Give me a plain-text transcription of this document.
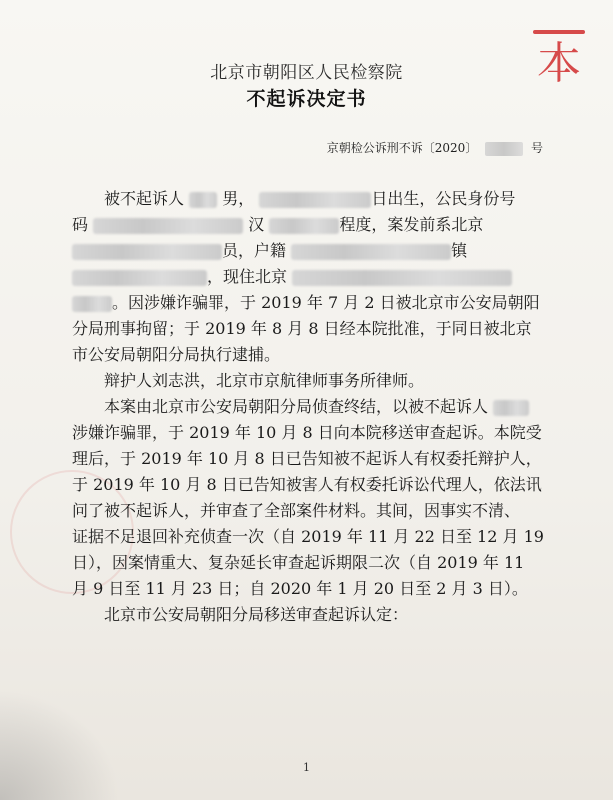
本
北京市朝阳区人民检察院
不起诉决定书
京朝检公诉刑不诉〔2020〕	号

被不起诉人 男，	日出生，公民身份号

码	汉	程度，案发前系北京

员，户籍	镇

，现住北京

。因涉嫌诈骗罪，于 2019 年 7 月 2 日被北京市公安局朝阳

分局刑事拘留；于 2019 年 8 月 8 日经本院批准，于同日被北京

市公安局朝阳分局执行逮捕。

辩护人刘志洪，北京市京航律师事务所律师。

本案由北京市公安局朝阳分局侦查终结，以被不起诉人

涉嫌诈骗罪，于 2019 年 10 月 8 日向本院移送审查起诉。本院受

理后，于 2019 年 10 月 8 日已告知被不起诉人有权委托辩护人，

于 2019 年 10 月 8 日已告知被害人有权委托诉讼代理人，依法讯

问了被不起诉人，并审查了全部案件材料。其间，因事实不清、

证据不足退回补充侦查一次（自 2019 年 11 月 22 日至 12 月 19

日），因案情重大、复杂延长审查起诉期限二次（自 2019 年 11

月 9 日至 11 月 23 日；自 2020 年 1 月 20 日至 2 月 3 日）。

北京市公安局朝阳分局移送审查起诉认定：

1
